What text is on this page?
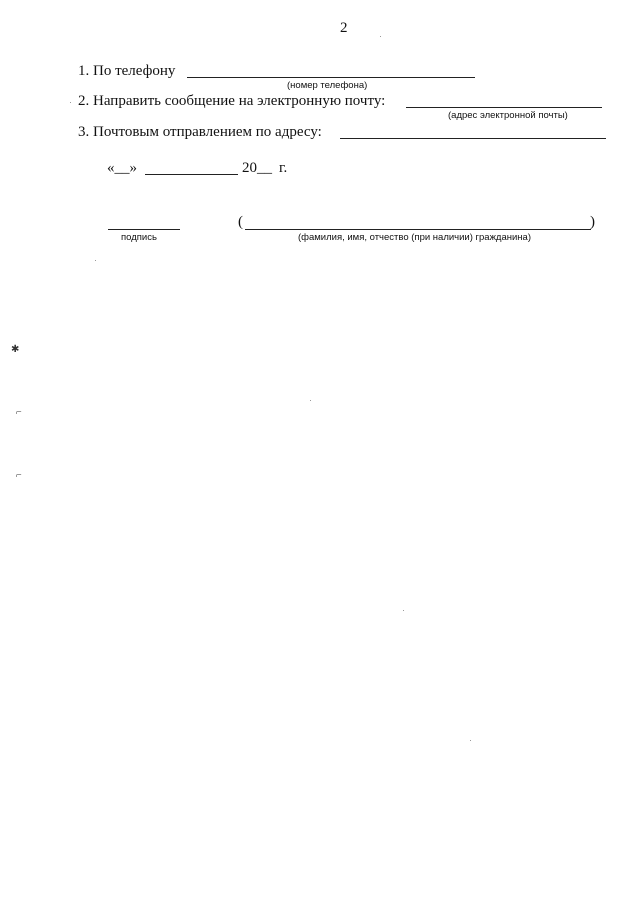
2
1. По телефону
(номер телефона)
2. Направить сообщение на электронную почту:
(адрес электронной почты)
3. Почтовым отправлением по адресу:
«__»	20__ г.
подпись
(	)
(фамилия, имя, отчество (при наличии) гражданина)
✱
⌐
⌐
